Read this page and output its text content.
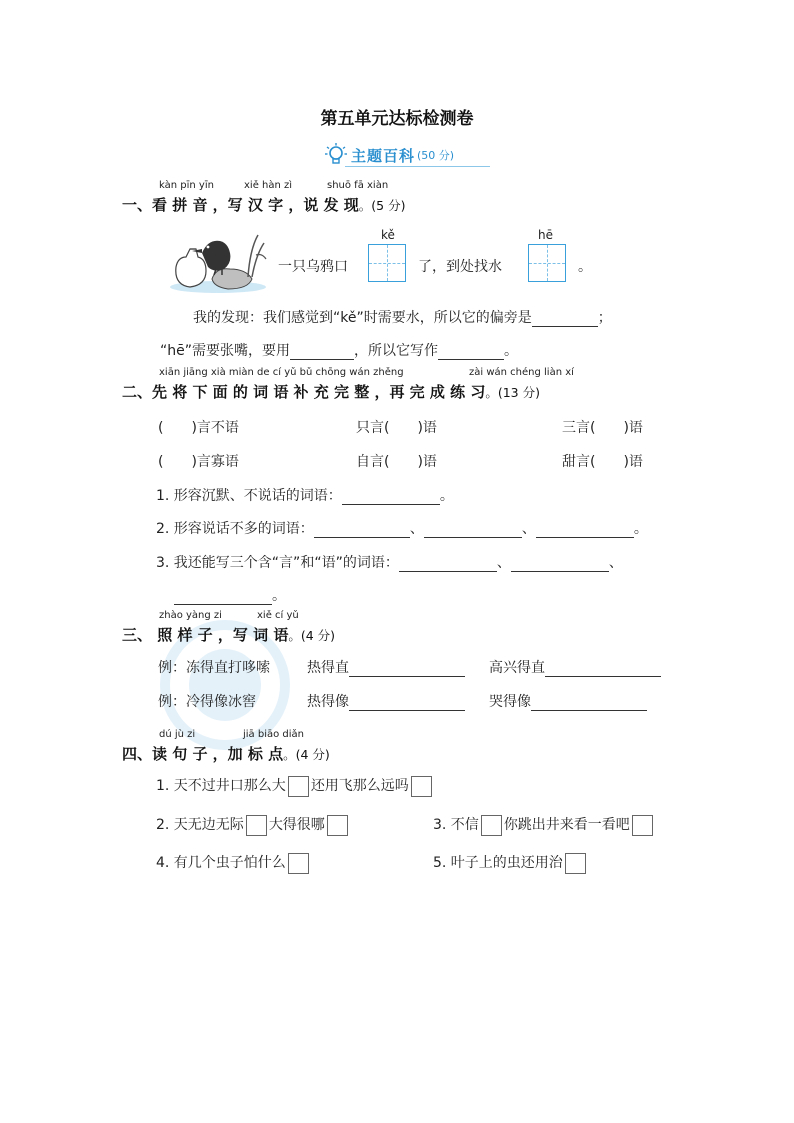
第五单元达标检测卷
主题百科 (50 分)
kàn pīn yīn	xiě hàn zì	shuō fā xiàn
一、看 拼 音 ，写 汉 字 ，说 发 现。(5 分)
一只乌鸦口
kě
了，到处找水
hē
。
我的发现：我们感觉到“kě”时需要水，所以它的偏旁是	；
“hē”需要张嘴，要用	，所以它写作	。
xiān jiāng xià miàn de cí yǔ bǔ chōng wán zhěng	zài wán chéng liàn xí
二、先 将 下 面 的 词 语 补 充 完 整 ，再 完 成 练 习。(13 分)
(　　)言不语	只言(　　)语	三言(　　)语
(　　)言寡语	自言(　　)语	甜言(　　)语
1. 形容沉默、不说话的词语：	。
2. 形容说话不多的词语：	、	、	。
3. 我还能写三个含“言”和“语”的词语：	、	、
。
zhào yàng zi	xiě cí yǔ
三、 照 样 子 ，写 词 语。(4 分)
例：冻得直打哆嗦	热得直	高兴得直
例：冷得像冰窖	热得像	哭得像
dú jù zi	jiā biāo diǎn
四、读 句 子 ，加 标 点。(4 分)
1. 天不过井口那么大 还用飞那么远吗
2. 天无边无际 大得很哪	3. 不信 你跳出井来看一看吧
4. 有几个虫子怕什么	5. 叶子上的虫还用治
